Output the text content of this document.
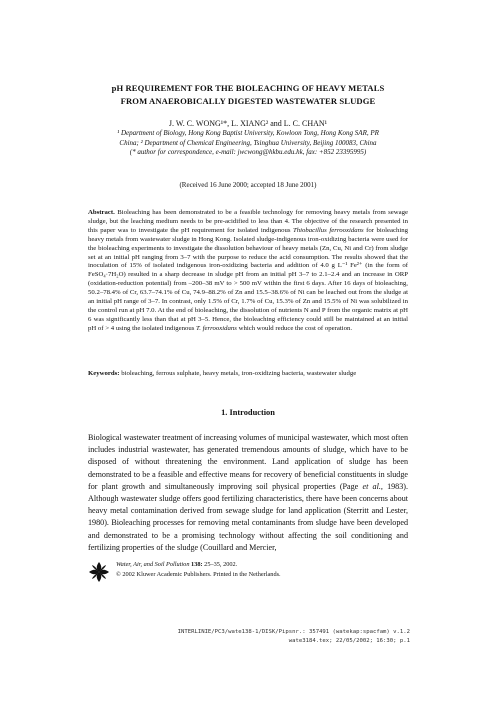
pH REQUIREMENT FOR THE BIOLEACHING OF HEAVY METALS
FROM ANAEROBICALLY DIGESTED WASTEWATER SLUDGE
J. W. C. WONG¹*, L. XIANG² and L. C. CHAN¹
¹ Department of Biology, Hong Kong Baptist University, Kowloon Tong, Hong Kong SAR, PR
China; ² Department of Chemical Engineering, Tsinghua University, Beijing 100083, China
(* author for correspondence, e-mail: jwcwong@hkbu.edu.hk, fax: +852 23395995)
(Received 16 June 2000; accepted 18 June 2001)
Abstract. Bioleaching has been demonstrated to be a feasible technology for removing heavy metals from sewage sludge, but the leaching medium needs to be pre-acidified to less than 4. The objective of the research presented in this paper was to investigate the pH requirement for isolated indigenous Thiobacillus ferrooxidans for bioleaching heavy metals from wastewater sludge in Hong Kong. Isolated sludge-indigenous iron-oxidizing bacteria were used for the bioleaching experiments to investigate the dissolution behaviour of heavy metals (Zn, Cu, Ni and Cr) from sludge set at an initial pH ranging from 3–7 with the purpose to reduce the acid consumption. The results showed that the inoculation of 15% of isolated indigenous iron-oxidizing bacteria and addition of 4.0 g L⁻¹ Fe²⁺ (in the form of FeSO₄·7H₂O) resulted in a sharp decrease in sludge pH from an initial pH 3–7 to 2.1–2.4 and an increase in ORP (oxidation-reduction potential) from –200–38 mV to > 500 mV within the first 6 days. After 16 days of bioleaching, 50.2–78.4% of Cr, 63.7–74.1% of Cu, 74.9–88.2% of Zn and 15.5–38.6% of Ni can be leached out from the sludge at an initial pH range of 3–7. In contrast, only 1.5% of Cr, 1.7% of Cu, 15.3% of Zn and 15.5% of Ni was solubilized in the control run at pH 7.0. At the end of bioleaching, the dissolution of nutrients N and P from the organic matrix at pH 6 was significantly less than that at pH 3–5. Hence, the bioleaching efficiency could still be maintained at an initial pH of > 4 using the isolated indigenous T. ferrooxidans which would reduce the cost of operation.
Keywords: bioleaching, ferrous sulphate, heavy metals, iron-oxidizing bacteria, wastewater sludge
1. Introduction
Biological wastewater treatment of increasing volumes of municipal wastewater, which most often includes industrial wastewater, has generated tremendous amounts of sludge, which have to be disposed of without threatening the environment. Land application of sludge has been demonstrated to be a feasible and effective means for recovery of beneficial constituents in sludge for plant growth and simultaneously improving soil physical properties (Page et al., 1983). Although wastewater sludge offers good fertilizing characteristics, there have been concerns about heavy metal contamination derived from sewage sludge for land application (Sterritt and Lester, 1980). Bioleaching processes for removing metal contaminants from sludge have been developed and demonstrated to be a promising technology without affecting the soil conditioning and fertilizing properties of the sludge (Couillard and Mercier,
Water, Air, and Soil Pollution 138: 25–35, 2002.
© 2002 Kluwer Academic Publishers. Printed in the Netherlands.
INTERLINIE/PC3/wate138-1/DISK/Pipsnr.: 357491 (watekap:spacfam) v.1.2
wate3184.tex; 22/05/2002; 16:30; p.1
